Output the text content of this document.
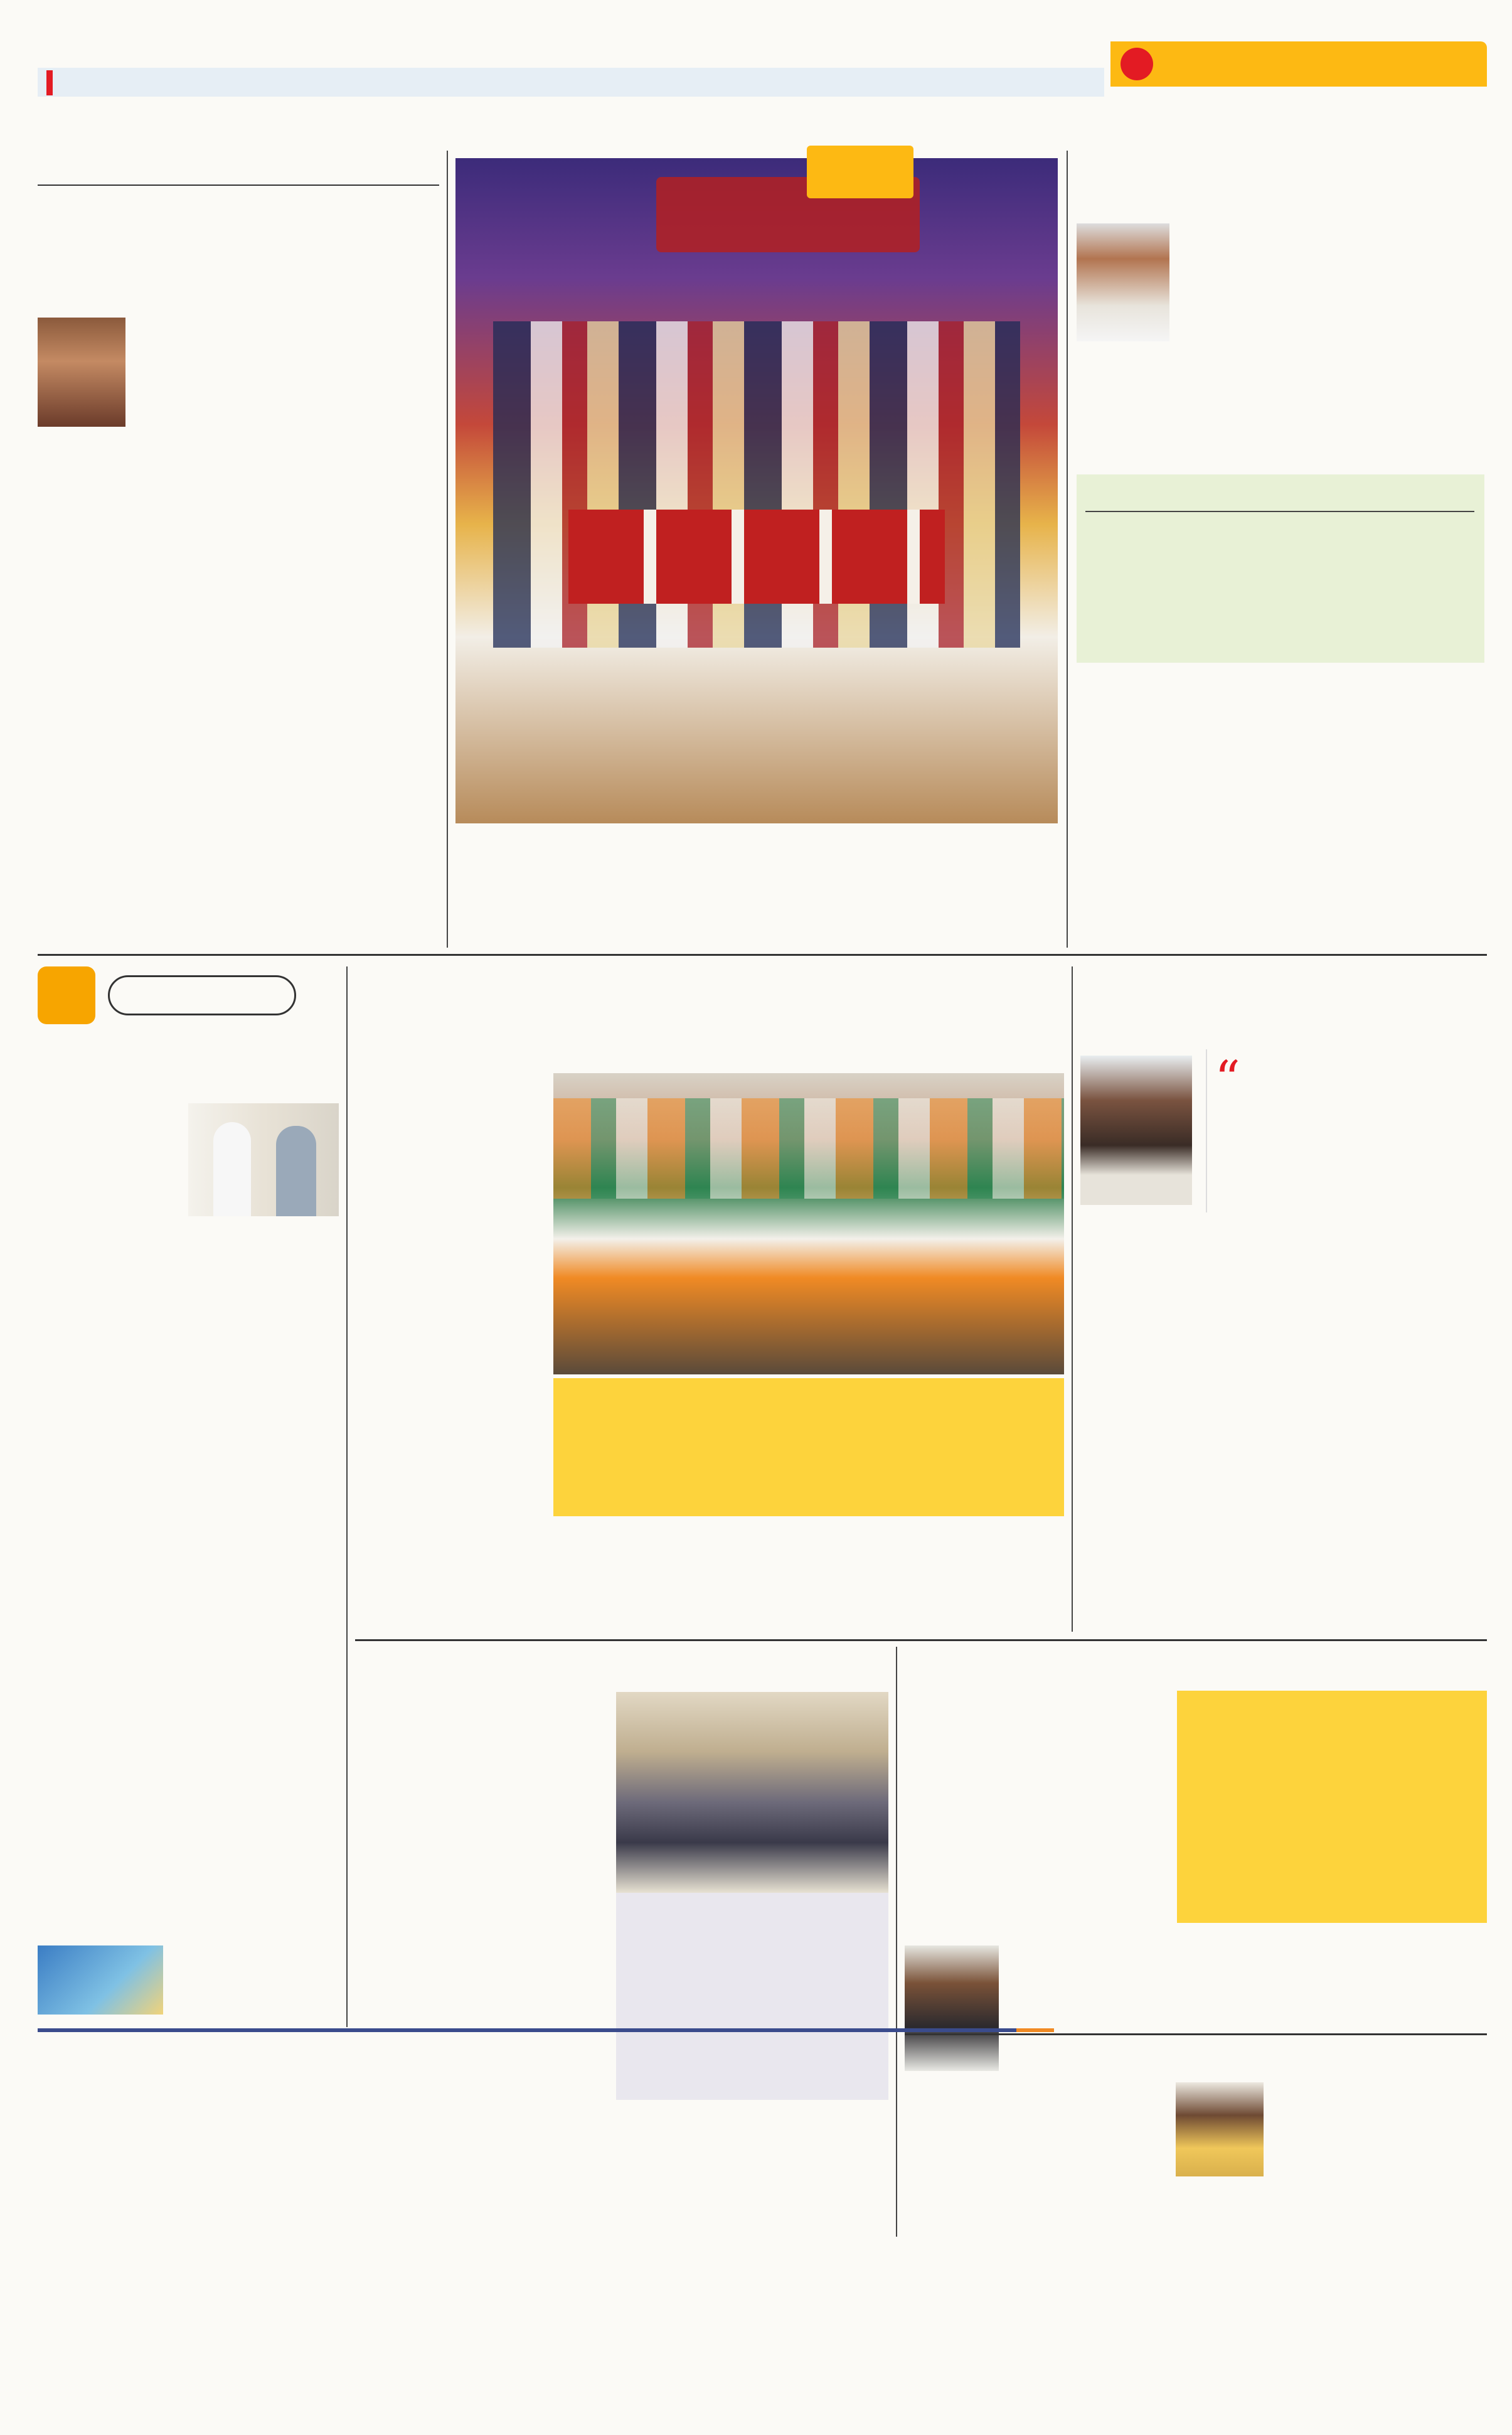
“
